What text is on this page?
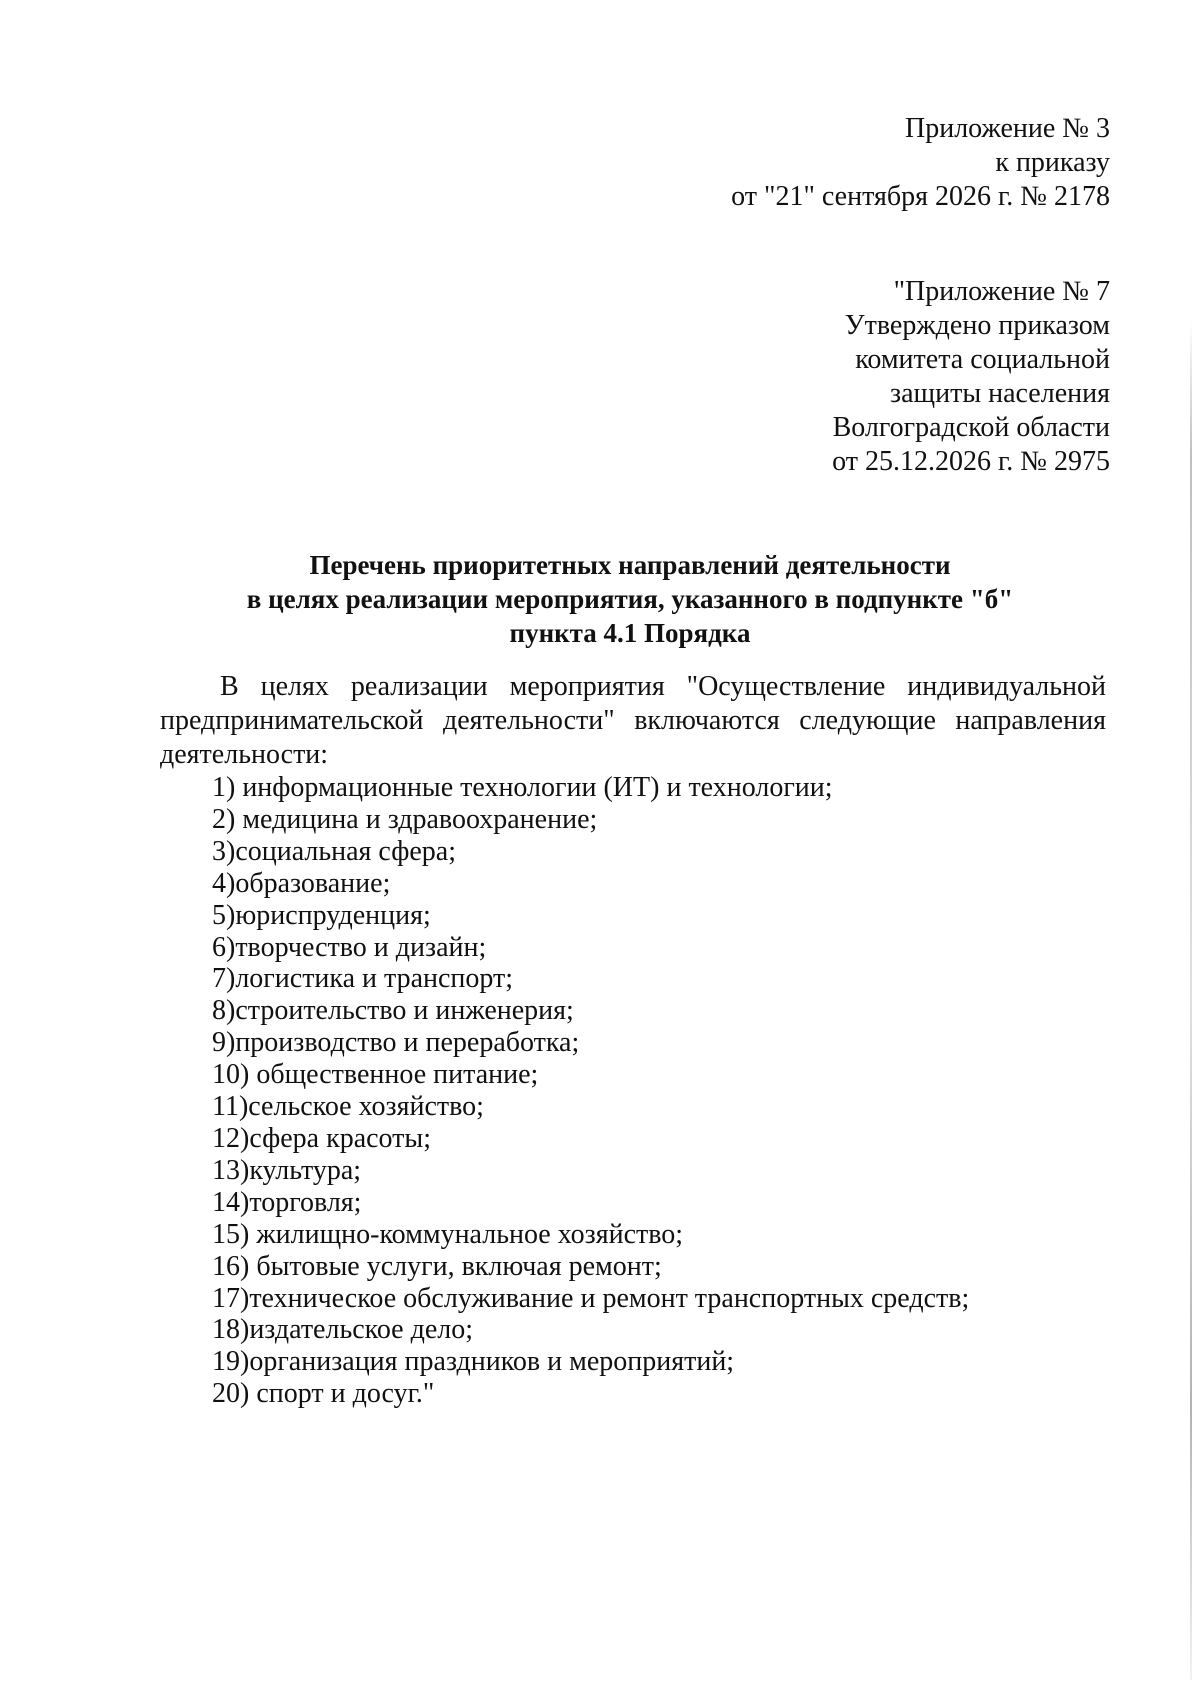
Приложение № 3
к приказу
от "21" сентября 2026 г. № 2178
"Приложение № 7
Утверждено приказом
комитета социальной
защиты населения
Волгоградской области
от 25.12.2026 г. № 2975
Перечень приоритетных направлений деятельности
в целях реализации мероприятия, указанного в подпункте "б"
пункта 4.1 Порядка
В целях реализации мероприятия "Осуществление индивидуальной
предпринимательской деятельности" включаются следующие направления
деятельности:
1) информационные технологии (ИТ) и технологии;
2) медицина и здравоохранение;
3)социальная сфера;
4)образование;
5)юриспруденция;
6)творчество и дизайн;
7)логистика и транспорт;
8)строительство и инженерия;
9)производство и переработка;
10) общественное питание;
11)сельское хозяйство;
12)сфера красоты;
13)культура;
14)торговля;
15) жилищно-коммунальное хозяйство;
16) бытовые услуги, включая ремонт;
17)техническое обслуживание и ремонт транспортных средств;
18)издательское дело;
19)организация праздников и мероприятий;
20) спорт и досуг."
